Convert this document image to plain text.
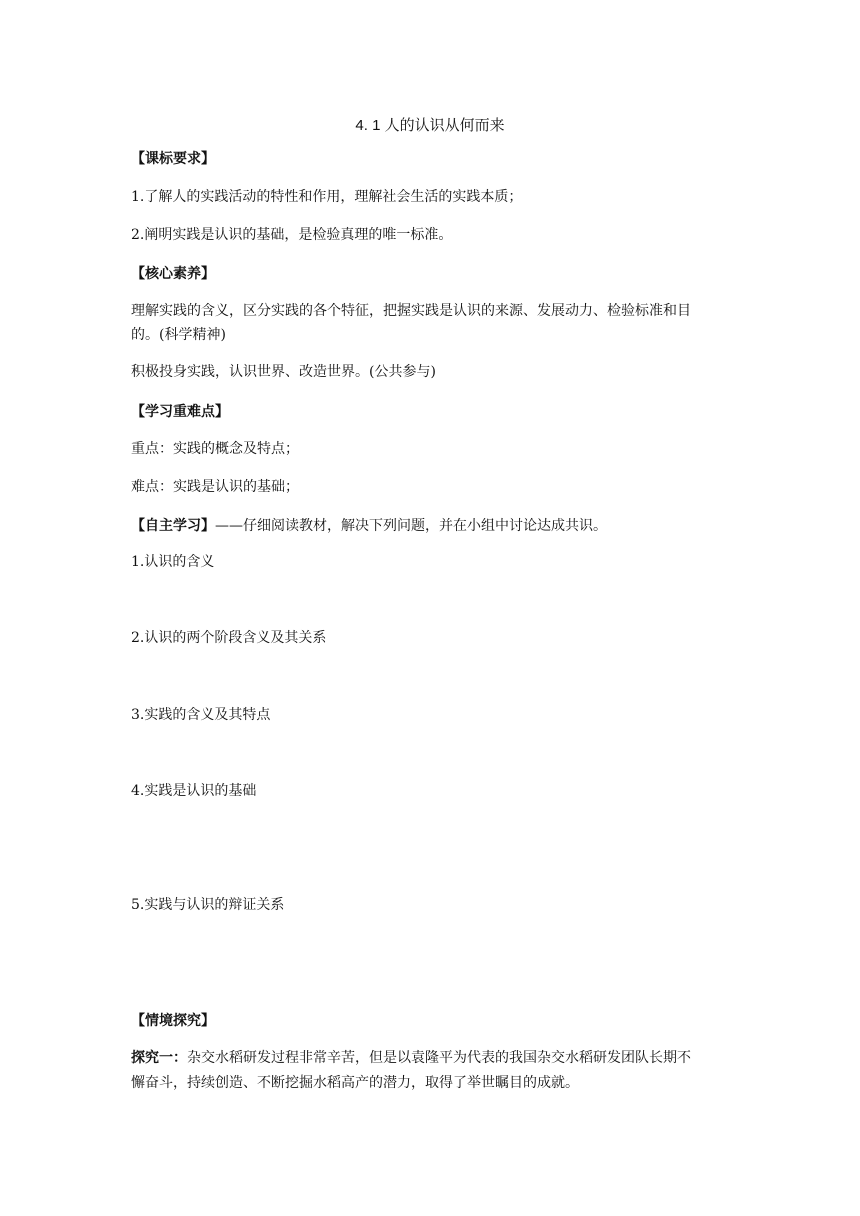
4. 1 人的认识从何而来
【课标要求】
1.了解人的实践活动的特性和作用，理解社会生活的实践本质；
2.阐明实践是认识的基础，是检验真理的唯一标准。
【核心素养】
理解实践的含义，区分实践的各个特征，把握实践是认识的来源、发展动力、检验标准和目
的。(科学精神)
积极投身实践，认识世界、改造世界。(公共参与)
【学习重难点】
重点：实践的概念及特点；
难点：实践是认识的基础；
【自主学习】——仔细阅读教材，解决下列问题，并在小组中讨论达成共识。
1.认识的含义
2.认识的两个阶段含义及其关系
3.实践的含义及其特点
4.实践是认识的基础
5.实践与认识的辩证关系
【情境探究】
探究一：杂交水稻研发过程非常辛苦，但是以袁隆平为代表的我国杂交水稻研发团队长期不
懈奋斗，持续创造、不断挖掘水稻高产的潜力，取得了举世瞩目的成就。
